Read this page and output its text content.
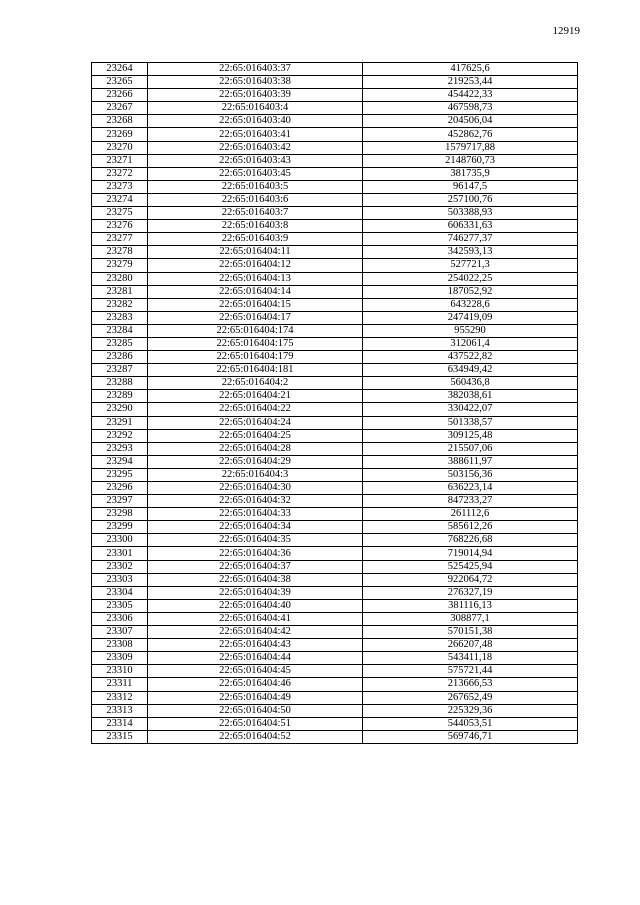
12919
23264	22:65:016403:37	417625,6
23265	22:65:016403:38	219253,44
23266	22:65:016403:39	454422,33
23267	22:65:016403:4	467598,73
23268	22:65:016403:40	204506,04
23269	22:65:016403:41	452862,76
23270	22:65:016403:42	1579717,88
23271	22:65:016403:43	2148760,73
23272	22:65:016403:45	381735,9
23273	22:65:016403:5	96147,5
23274	22:65:016403:6	257100,76
23275	22:65:016403:7	503388,93
23276	22:65:016403:8	606331,63
23277	22:65:016403:9	746277,37
23278	22:65:016404:11	342593,13
23279	22:65:016404:12	527721,3
23280	22:65:016404:13	254022,25
23281	22:65:016404:14	187052,92
23282	22:65:016404:15	643228,6
23283	22:65:016404:17	247419,09
23284	22:65:016404:174	955290
23285	22:65:016404:175	312061,4
23286	22:65:016404:179	437522,82
23287	22:65:016404:181	634949,42
23288	22:65:016404:2	560436,8
23289	22:65:016404:21	382038,61
23290	22:65:016404:22	330422,07
23291	22:65:016404:24	501338,57
23292	22:65:016404:25	309125,48
23293	22:65:016404:28	215507,06
23294	22:65:016404:29	388611,97
23295	22:65:016404:3	503156,36
23296	22:65:016404:30	636223,14
23297	22:65:016404:32	847233,27
23298	22:65:016404:33	261112,6
23299	22:65:016404:34	585612,26
23300	22:65:016404:35	768226,68
23301	22:65:016404:36	719014,94
23302	22:65:016404:37	525425,94
23303	22:65:016404:38	922064,72
23304	22:65:016404:39	276327,19
23305	22:65:016404:40	381116,13
23306	22:65:016404:41	308877,1
23307	22:65:016404:42	570151,38
23308	22:65:016404:43	266207,48
23309	22:65:016404:44	543411,18
23310	22:65:016404:45	575721,44
23311	22:65:016404:46	213666,53
23312	22:65:016404:49	267652,49
23313	22:65:016404:50	225329,36
23314	22:65:016404:51	544053,51
23315	22:65:016404:52	569746,71
